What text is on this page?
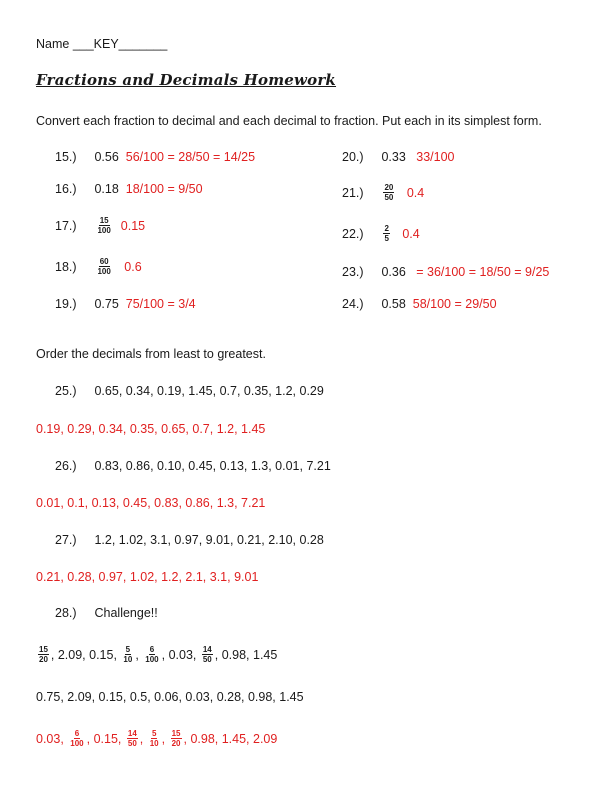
Name ___KEY_______
Fractions and Decimals Homework
Convert each fraction to decimal and each decimal to fraction. Put each in its simplest form.
15.) 0.56 56/100 = 28/50 = 14/25
16.) 0.18 18/100 = 9/50
$17.) \frac{15}{100} 0.15$
$18.) \frac{60}{100} 0.6$
19.) 0.75 75/100 = 3/4
20.) 0.33 33/100
$21.) \frac{20}{50} 0.4$
$22.) \frac{2}{5} 0.4$
23.) 0.36 = 36/100 = 18/50 = 9/25
24.) 0.58 58/100 = 29/50
Order the decimals from least to greatest.
25.) 0.65, 0.34, 0.19, 1.45, 0.7, 0.35, 1.2, 0.29
0.19, 0.29, 0.34, 0.35, 0.65, 0.7, 1.2, 1.45
26.) 0.83, 0.86, 0.10, 0.45, 0.13, 1.3, 0.01, 7.21
0.01, 0.1, 0.13, 0.45, 0.83, 0.86, 1.3, 7.21
27.) 1.2, 1.02, 3.1, 0.97, 9.01, 0.21, 2.10, 0.28
0.21, 0.28, 0.97, 1.02, 1.2, 2.1, 3.1, 9.01
28.) Challenge!!
$\frac{15}{20}$ , 2.09, 0.15, $\frac{5}{10}$ , $\frac{6}{100}$ , 0.03, $\frac{14}{50}$ , 0.98, 1.45
0.75, 2.09, 0.15, 0.5, 0.06, 0.03, 0.28, 0.98, 1.45
0.03, $\frac{6}{100}$ , 0.15, $\frac{14}{50}$ , $\frac{5}{10}$ , $\frac{15}{20}$ , 0.98, 1.45, 2.09
